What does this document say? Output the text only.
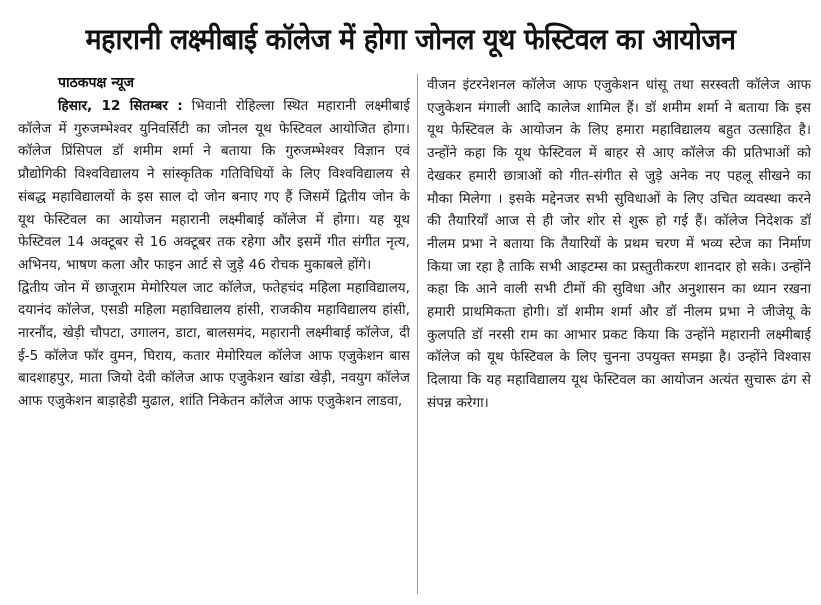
महारानी लक्ष्मीबाई कॉलेज में होगा जोनल यूथ फेस्टिवल का आयोजन

पाठकपक्ष न्यूज

हिसार, 12 सितम्बर : भिवानी रोहिल्ला स्थित महारानी लक्ष्मीबाई कॉलेज में गुरुजम्भेश्वर युनिवर्सिटी का जोनल यूथ फेस्टिवल आयोजित होगा। कॉलेज प्रिंसिपल डॉ शमीम शर्मा ने बताया कि गुरुजम्भेश्वर विज्ञान एवं प्रौद्योगिकी विश्वविद्यालय ने सांस्कृतिक गतिविधियों के लिए विश्वविद्यालय से संबद्ध महाविद्यालयों के इस साल दो जोन बनाए गए हैं जिसमें द्वितीय जोन के यूथ फेस्टिवल का आयोजन महारानी लक्ष्मीबाई कॉलेज में होगा। यह यूथ फेस्टिवल 14 अक्टूबर से 16 अक्टूबर तक रहेगा और इसमें गीत संगीत नृत्य, अभिनय, भाषण कला और फाइन आर्ट से जुड़े 46 रोचक मुकाबले होंगे।

द्वितीय जोन में छाजूराम मेमोरियल जाट कॉलेज, फतेहचंद महिला महाविद्यालय, दयानंद कॉलेज, एसडी महिला महाविद्यालय हांसी, राजकीय महाविद्यालय हांसी, नारनौंद, खेड़ी चौपटा, उगालन, डाटा, बालसमंद, महारानी लक्ष्मीबाई कॉलेज, दी ई-5 कॉलेज फॉर वुमन, घिराय, कतार मेमोरियल कॉलेज आफ एजुकेशन बास बादशाहपुर, माता जियो देवी कॉलेज आफ एजुकेशन खांडा खेड़ी, नवयुग कॉलेज आफ एजुकेशन बाड़ाहेडी मुढाल, शांति निकेतन कॉलेज आफ एजुकेशन लाडवा,

वीजन इंटरनेशनल कॉलेज आफ एजुकेशन धांसू तथा सरस्वती कॉलेज आफ एजुकेशन मंगाली आदि कालेज शामिल हैं। डॉ शमीम शर्मा ने बताया कि इस यूथ फेस्टिवल के आयोजन के लिए हमारा महाविद्यालय बहुत उत्साहित है। उन्होंने कहा कि यूथ फेस्टिवल में बाहर से आए कॉलेज की प्रतिभाओं को देखकर हमारी छात्राओं को गीत-संगीत से जुड़े अनेक नए पहलू सीखने का मौका मिलेगा । इसके मद्देनजर सभी सुविधाओं के लिए उचित व्यवस्था करने की तैयारियाँ आज से ही जोर शोर से शुरू हो गई हैं। कॉलेज निदेशक डॉ नीलम प्रभा ने बताया कि तैयारियों के प्रथम चरण में भव्य स्टेज का निर्माण किया जा रहा है ताकि सभी आइटम्स का प्रस्तुतीकरण शानदार हो सके। उन्होंने कहा कि आने वाली सभी टीमों की सुविधा और अनुशासन का ध्यान रखना हमारी प्राथमिकता होगी। डॉ शमीम शर्मा और डॉ नीलम प्रभा ने जीजेयू के कुलपति डॉ नरसी राम का आभार प्रकट किया कि उन्होंने महारानी लक्ष्मीबाई कॉलेज को यूथ फेस्टिवल के लिए चुनना उपयुक्त समझा है। उन्होंने विश्वास दिलाया कि यह महाविद्यालय यूथ फेस्टिवल का आयोजन अत्यंत सुचारू ढंग से संपन्न करेगा।
